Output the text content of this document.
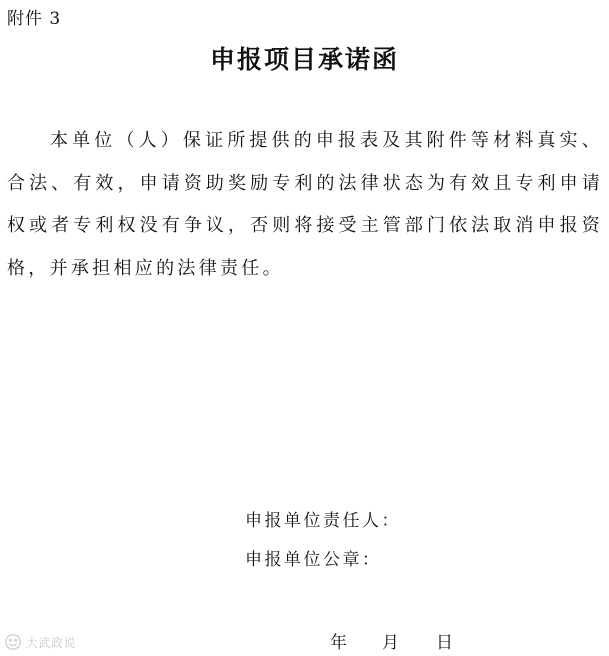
附件 3
申报项目承诺函

本单位（人）保证所提供的申报表及其附件等材料真实、合法、有效，申请资助奖励专利的法律状态为有效且专利申请权或者专利权没有争议，否则将接受主管部门依法取消申报资格，并承担相应的法律责任。

申报单位责任人：
申报单位公章：
年 月 日
大武政说
